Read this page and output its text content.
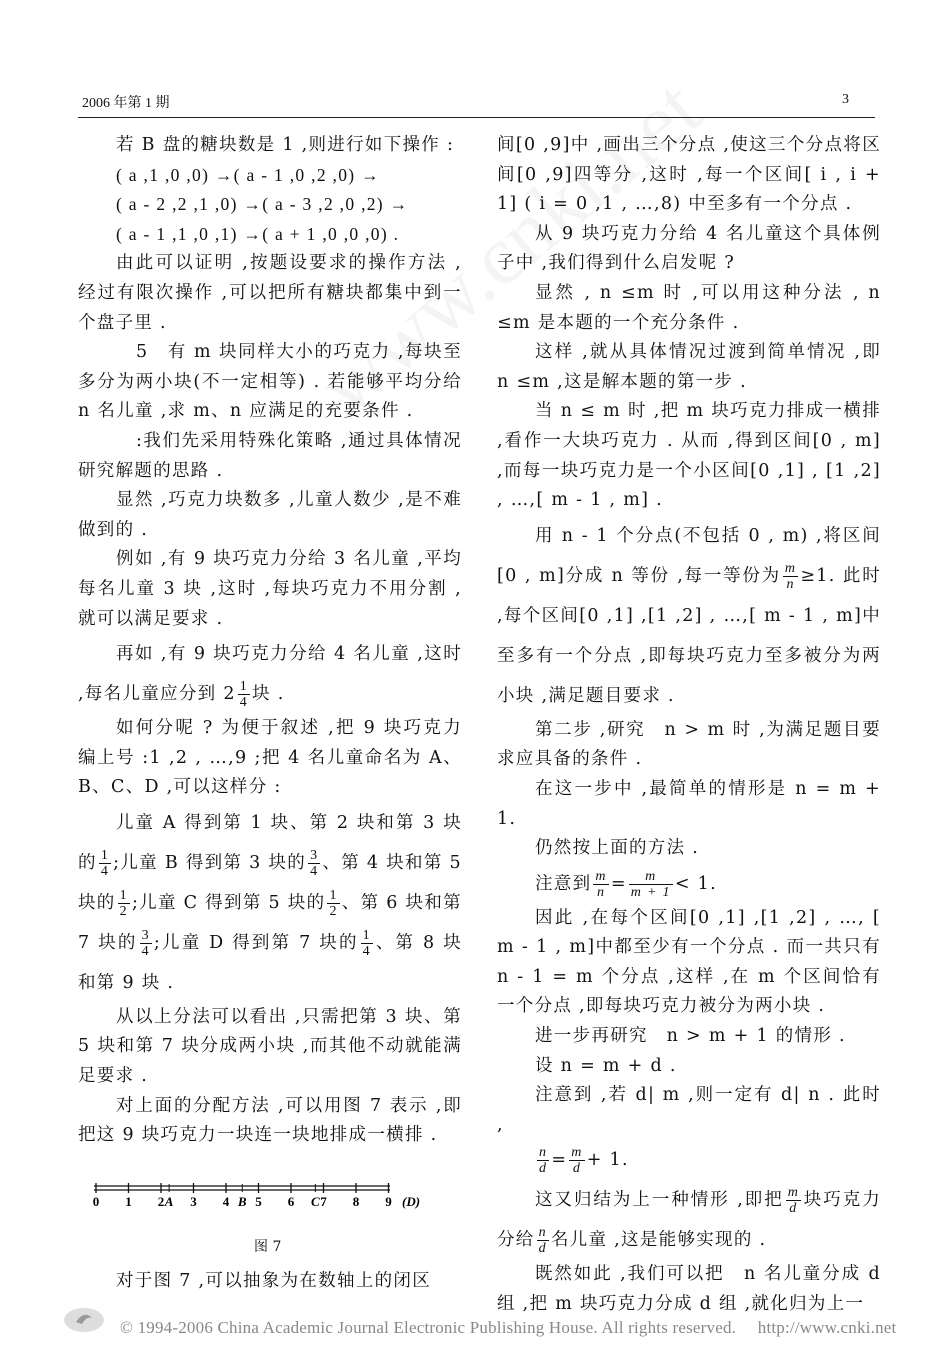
2006 年第 1 期	3

若 B 盘的糖块数是 1 ,则进行如下操作 :

( a ,1 ,0 ,0) →( a - 1 ,0 ,2 ,0) →

( a - 2 ,2 ,1 ,0) →( a - 3 ,2 ,0 ,2) →

( a - 1 ,1 ,0 ,1) →( a + 1 ,0 ,0 ,0) .

由此可以证明 ,按题设要求的操作方法 ,经过有限次操作 ,可以把所有糖块都集中到一个盘子里 .

5　有 m 块同样大小的巧克力 ,每块至多分为两小块(不一定相等) . 若能够平均分给 n 名儿童 ,求 m、n 应满足的充要条件 .

:我们先采用特殊化策略 ,通过具体情况研究解题的思路 .

显然 ,巧克力块数多 ,儿童人数少 ,是不难做到的 .

例如 ,有 9 块巧克力分给 3 名儿童 ,平均每名儿童 3 块 ,这时 ,每块巧克力不用分割 ,就可以满足要求 .

再如 ,有 9 块巧克力分给 4 名儿童 ,这时 ,每名儿童应分到 $2 \frac{1}{4}$ 块 .

如何分呢 ? 为便于叙述 ,把 9 块巧克力编上号 :1 ,2 , …,9 ;把 4 名儿童命名为 A、B、C、D ,可以这样分 :

儿童 A 得到第 1 块、第 2 块和第 3 块的 $\frac{1}{4}$ ;儿童 B 得到第 3 块的 $\frac{3}{4}$ 、第 4 块和第 5 块的 $\frac{1}{2}$ ;儿童 C 得到第 5 块的 $\frac{1}{2}$ 、第 6 块和第 7 块的 $\frac{3}{4}$ ;儿童 D 得到第 7 块的 $\frac{1}{4}$ 、第 8 块和第 9 块 .

从以上分法可以看出 ,只需把第 3 块、第 5 块和第 7 块分成两小块 ,而其他不动就能满足要求 .

对上面的分配方法 ,可以用图 7 表示 ,即把这 9 块巧克力一块连一块地排成一横排 .

0 1 2 3 4 5 6 7 8 9
A	B	C	(D)
图 7

对于图 7 ,可以抽象为在数轴上的闭区

间[0 ,9]中 ,画出三个分点 ,使这三个分点将区间[0 ,9]四等分 ,这时 ,每一个区间[ i , i + 1] ( i = 0 ,1 , …,8) 中至多有一个分点 .

从 9 块巧克力分给 4 名儿童这个具体例子中 ,我们得到什么启发呢 ?

显然 , n ≤m 时 ,可以用这种分法 , n ≤m 是本题的一个充分条件 .

这样 ,就从具体情况过渡到简单情况 ,即 n ≤m ,这是解本题的第一步 .

当 n ≤ m 时 ,把 m 块巧克力排成一横排 ,看作一大块巧克力 . 从而 ,得到区间[0 , m] ,而每一块巧克力是一个小区间[0 ,1] , [1 ,2] , …,[ m - 1 , m] .

用 n - 1 个分点(不包括 0 , m) ,将区间[0 , m]分成 n 等份 ,每一等份为 $\frac{m}{n} \ge 1$. 此时 ,每个区间[0 ,1] ,[1 ,2] , …,[ m - 1 , m]中至多有一个分点 ,即每块巧克力至多被分为两小块 ,满足题目要求 .

第二步 ,研究　n > m 时 ,为满足题目要求应具备的条件 .

在这一步中 ,最简单的情形是 n = m + 1.

仍然按上面的方法 .

注意到 $\frac{m}{n} = \frac{m}{m + 1} < 1$.

因此 ,在每个区间[0 ,1] ,[1 ,2] , …, [ m - 1 , m]中都至少有一个分点 . 而一共只有 n - 1 = m 个分点 ,这样 ,在 m 个区间恰有一个分点 ,即每块巧克力被分为两小块 .

进一步再研究　n > m + 1 的情形 .

设 n = m + d .

注意到 ,若 d| m ,则一定有 d| n . 此时 ,

$\frac{n}{d} = \frac{m}{d} + 1$.

这又归结为上一种情形 ,即把 $\frac{m}{d}$ 块巧克力分给 $\frac{n}{d}$ 名儿童 ,这是能够实现的 .

既然如此 ,我们可以把　n 名儿童分成 d 组 ,把 m 块巧克力分成 d 组 ,就化归为上一

© 1994-2006 China Academic Journal Electronic Publishing House. All rights reserved.　 http://www.cnki.net
